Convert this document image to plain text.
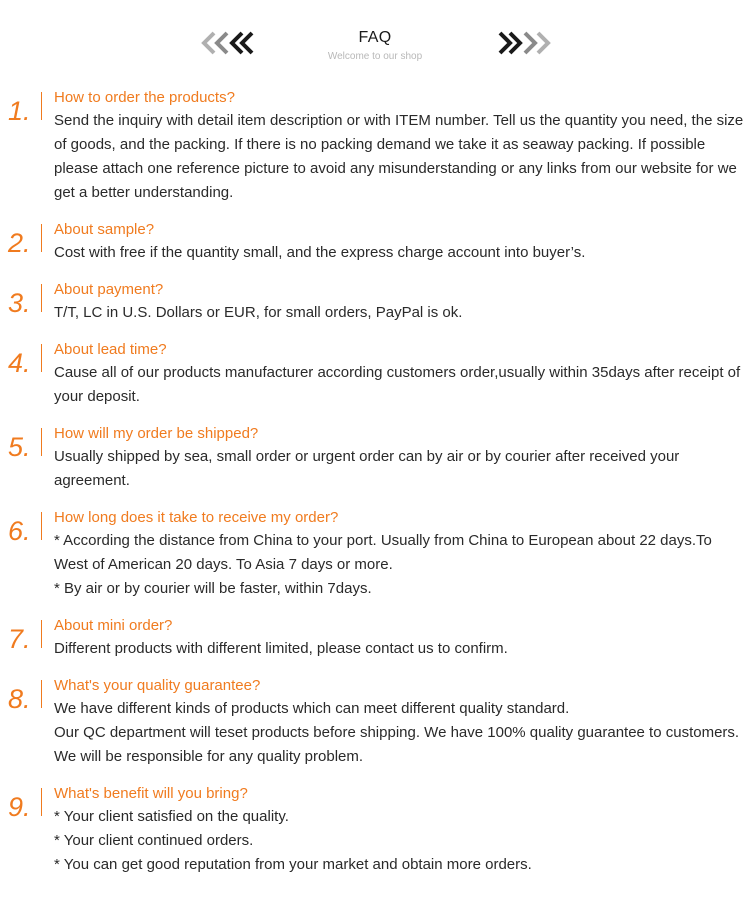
FAQ
Welcome to our shop
1.	How to order the products?

Send the inquiry with detail item description or with ITEM number. Tell us the quantity you need, the size of goods, and the packing. If there is no packing demand we take it as seaway packing. If possible please attach one reference picture to avoid any misunderstanding or any links from our website for we get a better understanding.

2.	About sample?

Cost with free if the quantity small, and the express charge account into buyer’s.

3.	About payment?

T/T, LC in U.S. Dollars or EUR, for small orders, PayPal is ok.

4.	About lead time?

Cause all of our products manufacturer according customers order,usually within 35days after receipt of your deposit.

5.	How will my order be shipped?

Usually shipped by sea, small order or urgent order can by air or by courier after received your agreement.

6.	How long does it take to receive my order?

* According the distance from China to your port. Usually from China to European about 22 days.To West of American 20 days. To Asia 7 days or more.

* By air or by courier will be faster, within 7days.

7.	About mini order?

Different products with different limited, please contact us to confirm.

8.	What's your quality guarantee?

We have different kinds of products which can meet different quality standard.

Our QC department will teset products before shipping. We have 100% quality guarantee to customers. We will be responsible for any quality problem.

9.	What's benefit will you bring?

* Your client satisfied on the quality.

* Your client continued orders.

* You can get good reputation from your market and obtain more orders.
